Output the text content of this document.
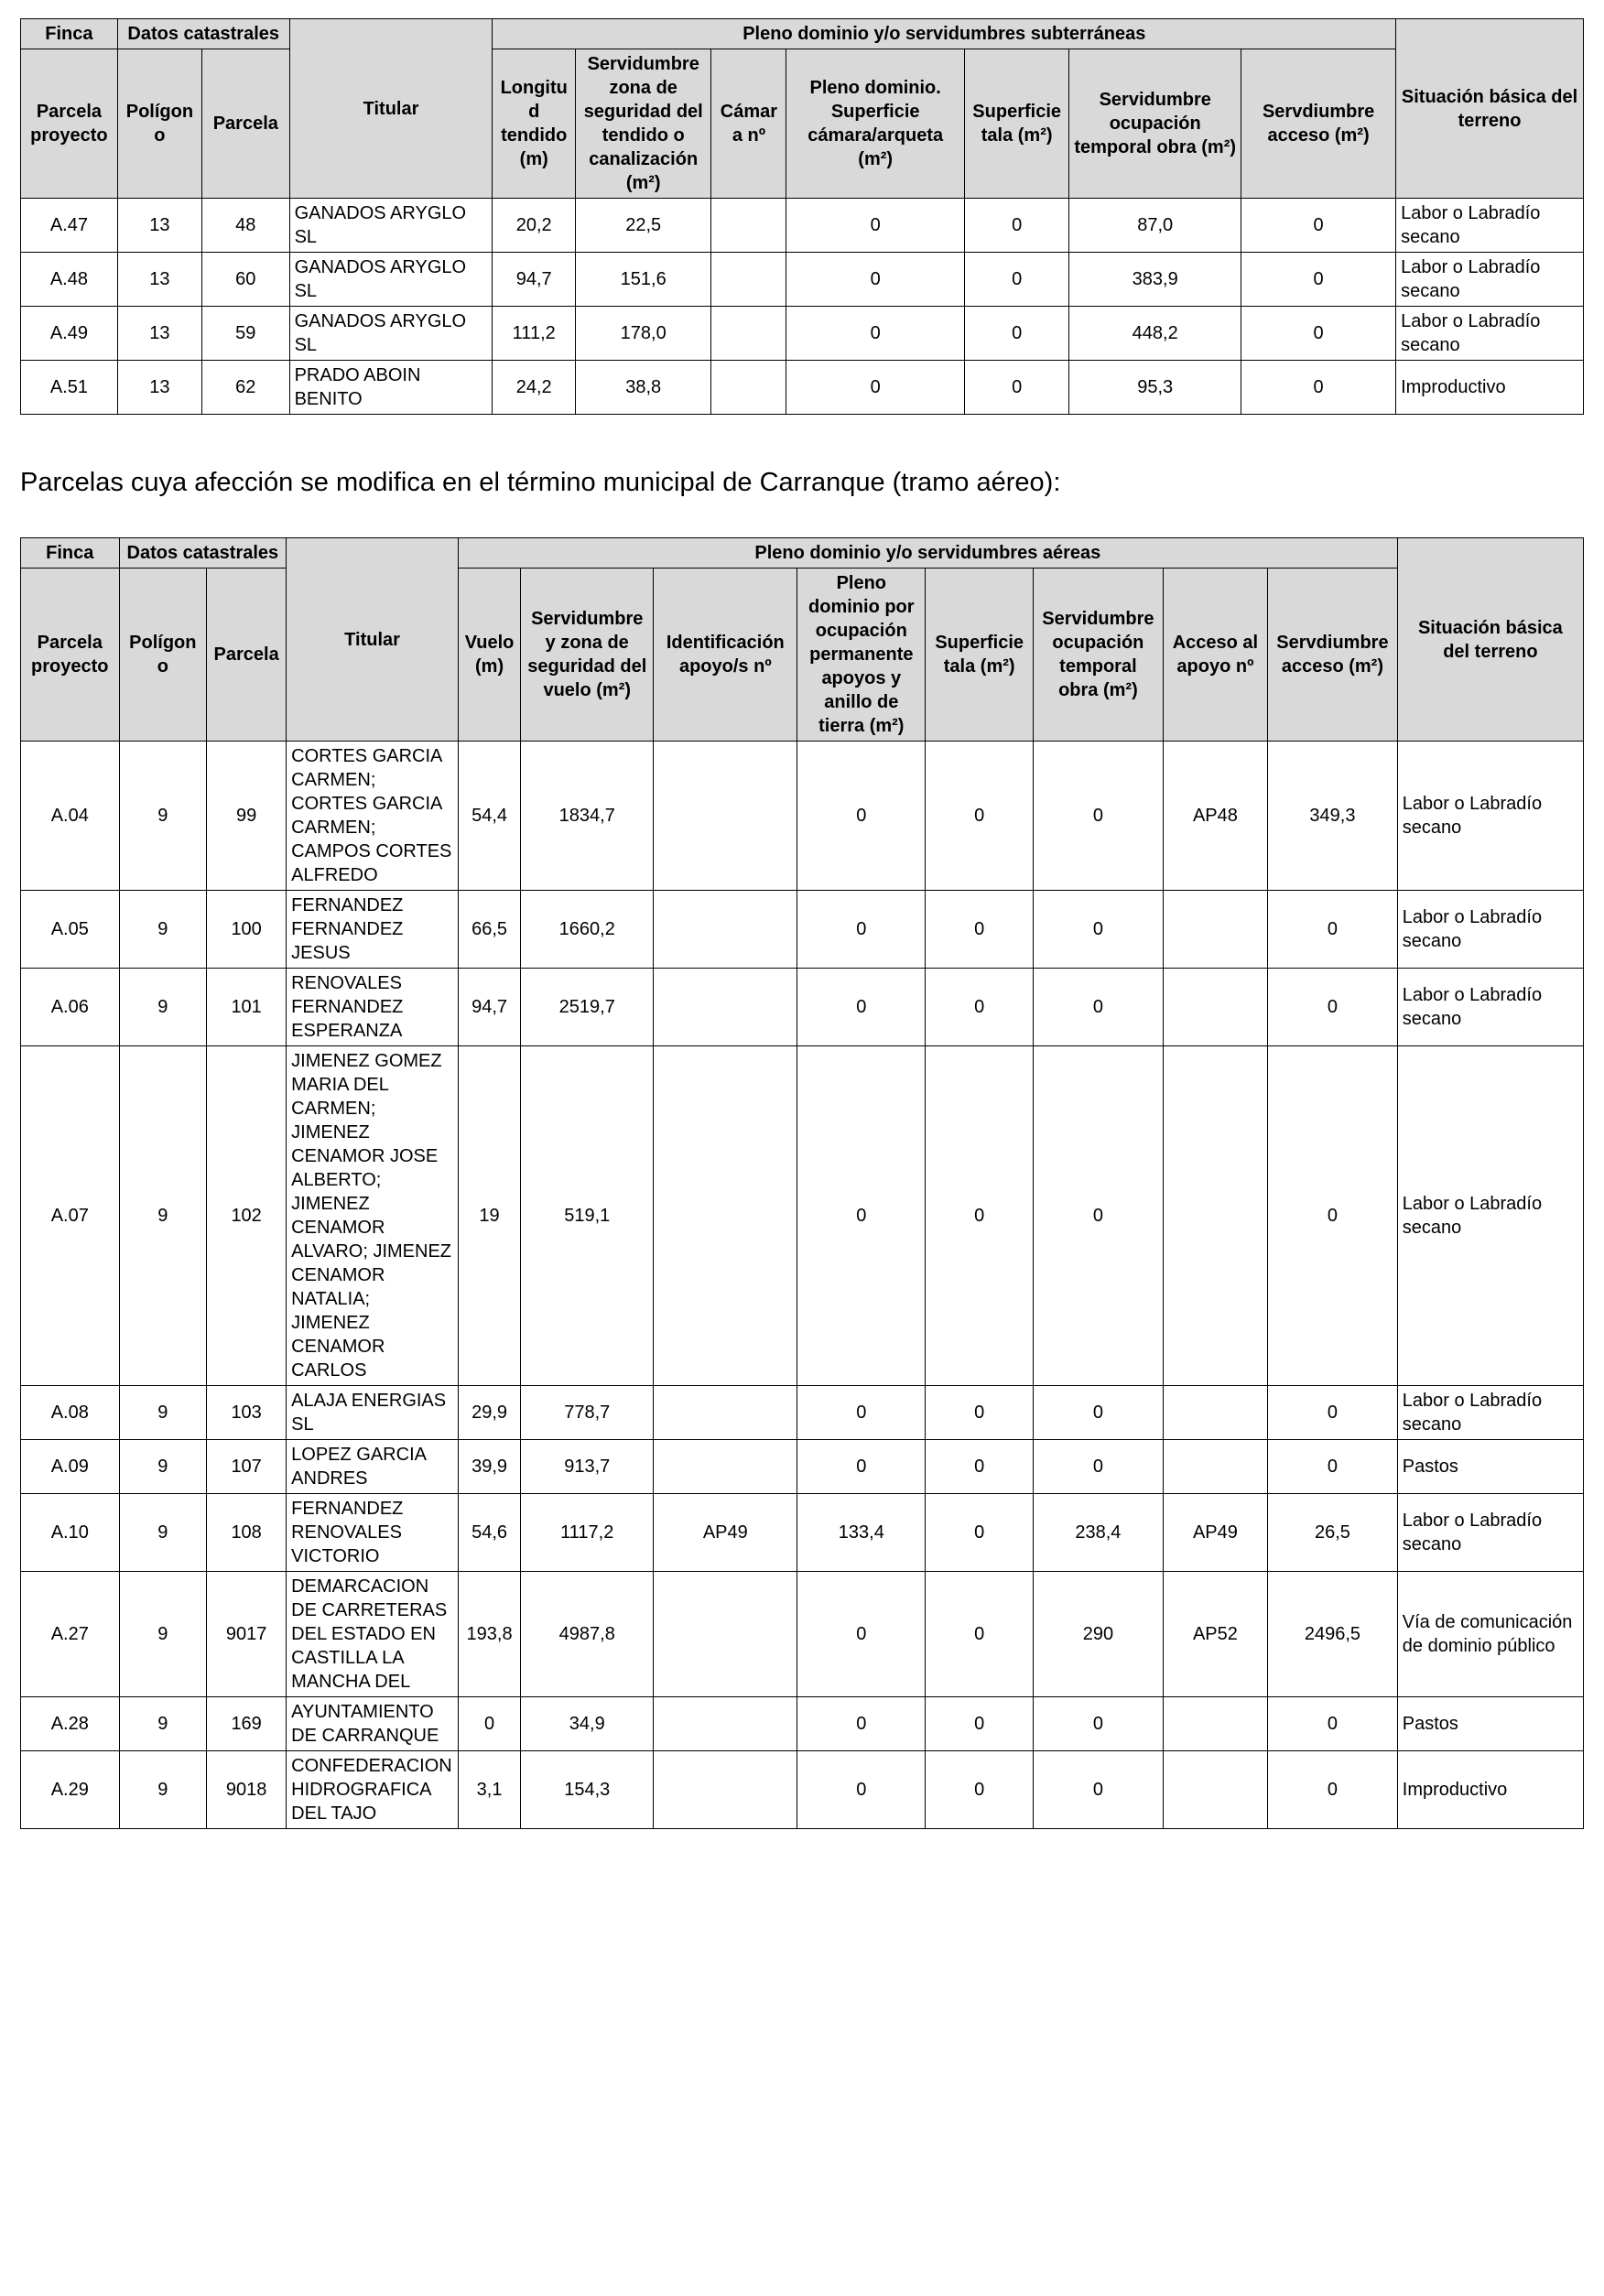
Finca	Datos catastrales		Titular	Pleno dominio y/o servidumbres subterráneas							Situación básica del terreno
Parcela proyecto	Polígono	Parcela		Longitud tendido (m)	Servidumbre zona de seguridad del tendido o canalización (m²)	Cámara nº	Pleno dominio. Superficie cámara/arqueta (m²)	Superficie tala (m²)	Servidumbre ocupación temporal obra (m²)	Servdiumbre acceso (m²)	
A.47	13	48	GANADOS ARYGLO SL	20,2	22,5		0	0	87,0	0	Labor o Labradío secano
A.48	13	60	GANADOS ARYGLO SL	94,7	151,6		0	0	383,9	0	Labor o Labradío secano
A.49	13	59	GANADOS ARYGLO SL	111,2	178,0		0	0	448,2	0	Labor o Labradío secano
A.51	13	62	PRADO ABOIN BENITO	24,2	38,8		0	0	95,3	0	Improductivo

Parcelas cuya afección se modifica en el término municipal de Carranque (tramo aéreo):

Finca	Datos catastrales		Titular	Pleno dominio y/o servidumbres aéreas								Situación básica del terreno
Parcela proyecto	Polígono	Parcela		Vuelo (m)	Servidumbre y zona de seguridad del vuelo (m²)	Identificación apoyo/s nº	Pleno dominio por ocupación permanente apoyos y anillo de tierra (m²)	Superficie tala (m²)	Servidumbre ocupación temporal obra (m²)	Acceso al apoyo nº	Servdiumbre acceso (m²)	
A.04	9	99	CORTES GARCIA CARMEN; CORTES GARCIA CARMEN; CAMPOS CORTES ALFREDO	54,4	1834,7		0	0	0	AP48	349,3	Labor o Labradío secano
A.05	9	100	FERNANDEZ FERNANDEZ JESUS	66,5	1660,2		0	0	0		0	Labor o Labradío secano
A.06	9	101	RENOVALES FERNANDEZ ESPERANZA	94,7	2519,7		0	0	0		0	Labor o Labradío secano
A.07	9	102	JIMENEZ GOMEZ MARIA DEL CARMEN; JIMENEZ CENAMOR JOSE ALBERTO; JIMENEZ CENAMOR ALVARO; JIMENEZ CENAMOR NATALIA; JIMENEZ CENAMOR CARLOS	19	519,1		0	0	0		0	Labor o Labradío secano
A.08	9	103	ALAJA ENERGIAS SL	29,9	778,7		0	0	0		0	Labor o Labradío secano
A.09	9	107	LOPEZ GARCIA ANDRES	39,9	913,7		0	0	0		0	Pastos
A.10	9	108	FERNANDEZ RENOVALES VICTORIO	54,6	1117,2	AP49	133,4	0	238,4	AP49	26,5	Labor o Labradío secano
A.27	9	9017	DEMARCACION DE CARRETERAS DEL ESTADO EN CASTILLA LA MANCHA DEL	193,8	4987,8		0	0	290	AP52	2496,5	Vía de comunicación de dominio público
A.28	9	169	AYUNTAMIENTO DE CARRANQUE	0	34,9		0	0	0		0	Pastos
A.29	9	9018	CONFEDERACION HIDROGRAFICA DEL TAJO	3,1	154,3		0	0	0		0	Improductivo
